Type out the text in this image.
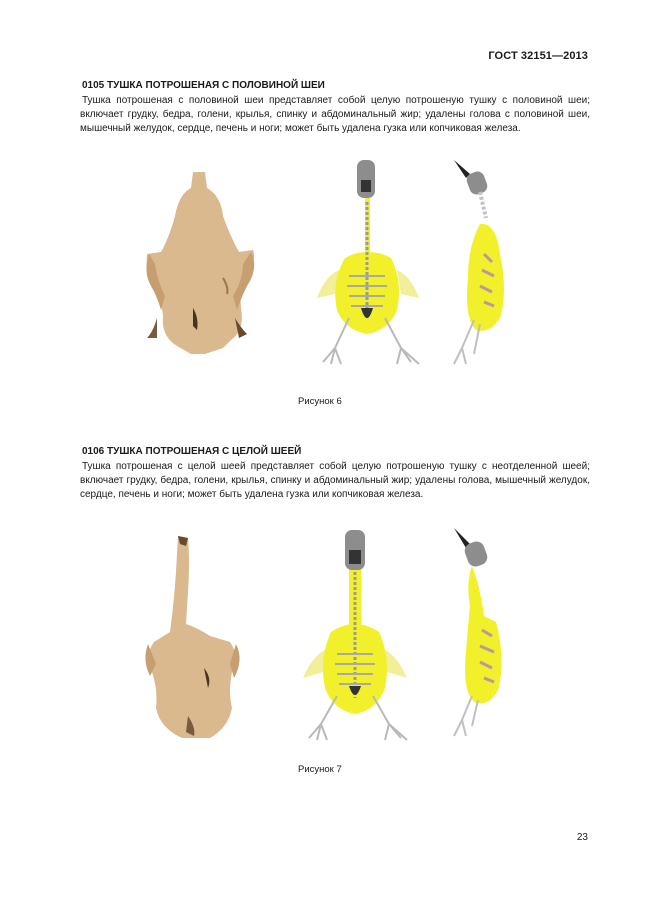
ГОСТ 32151—2013
0105 ТУШКА ПОТРОШЕНАЯ С ПОЛОВИНОЙ ШЕИ
Тушка потрошеная с половиной шеи представляет собой целую потрошеную тушку с половиной шеи; включает грудку, бедра, голени, крылья, спинку и абдоминальный жир; удалены голова с половиной шеи, мышечный желудок, сердце, печень и ноги; может быть удалена гузка или копчиковая железа.
Рисунок 6
0106 ТУШКА ПОТРОШЕНАЯ С ЦЕЛОЙ ШЕЕЙ
Тушка потрошеная с целой шеей представляет собой целую потрошеную тушку с неотделенной шеей; включает грудку, бедра, голени, крылья, спинку и абдоминальный жир; удалены голова, мышечный желудок, сердце, печень и ноги; может быть удалена гузка или копчиковая железа.
Рисунок 7
23
